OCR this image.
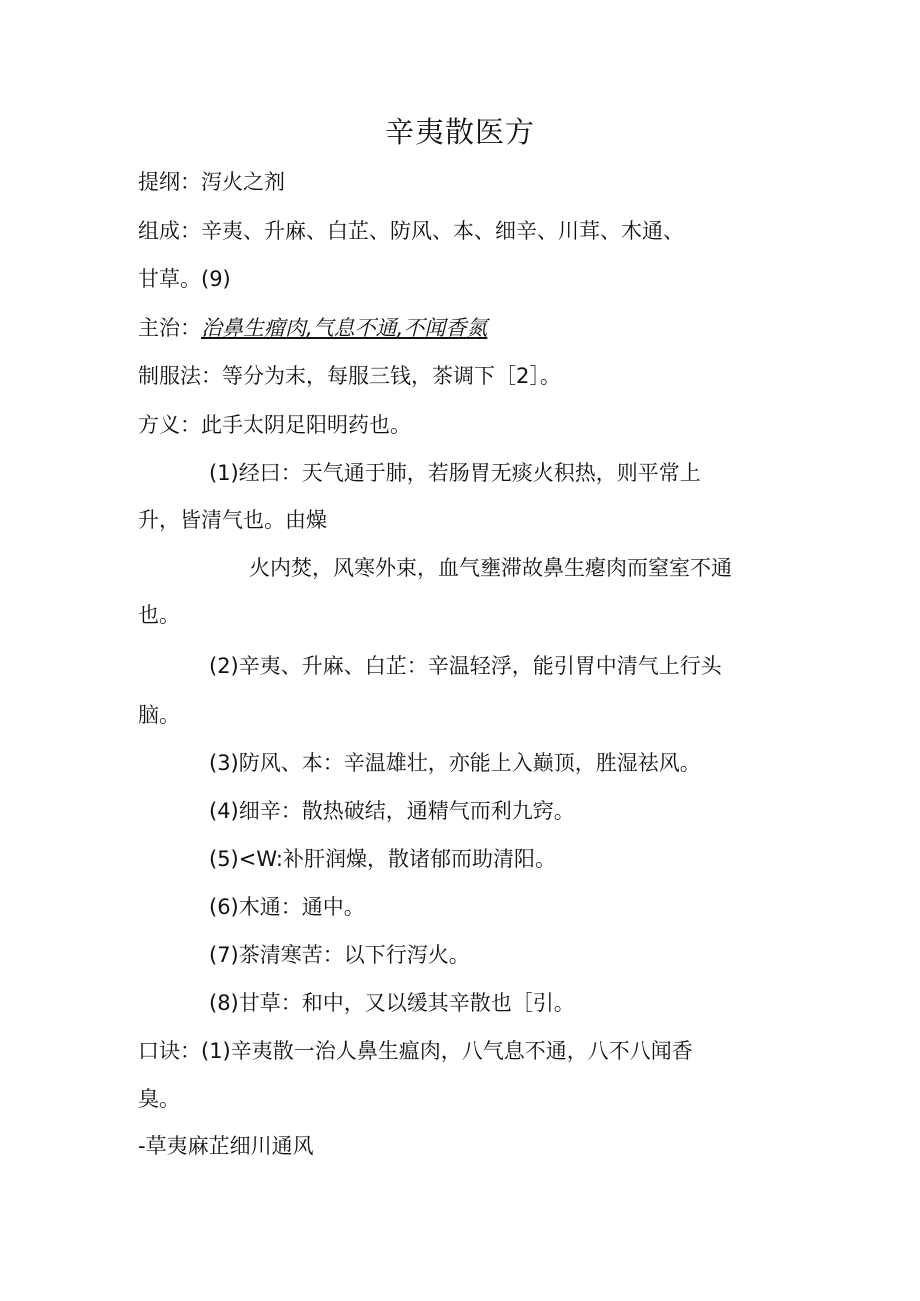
辛夷散医方
提纲：泻火之剂
组成：辛夷、升麻、白芷、防风、本、细辛、川茸、木通、
甘草。(9)
主治：治鼻生瘤肉,气息不通,不闻香氮
制服法：等分为末，每服三钱，茶调下［2］。
方义：此手太阴足阳明药也。
(1)经曰：天气通于肺，若肠胃无痰火积热，则平常上
升，皆清气也。由燥
火内焚，风寒外束，血气壅滞故鼻生瘪肉而窒室不通
也。
(2)辛夷、升麻、白芷：辛温轻浮，能引胃中清气上行头
脑。
(3)防风、本：辛温雄壮，亦能上入巅顶，胜湿祛风。
(4)细辛：散热破结，通精气而利九窍。
(5)<W:补肝润燥，散诸郁而助清阳。
(6)木通：通中。
(7)茶清寒苦：以下行泻火。
(8)甘草：和中，又以缓其辛散也［引。
口诀：(1)辛夷散一治人鼻生瘟肉，八气息不通，八不八闻香
臭。
-草夷麻芷细川通风
